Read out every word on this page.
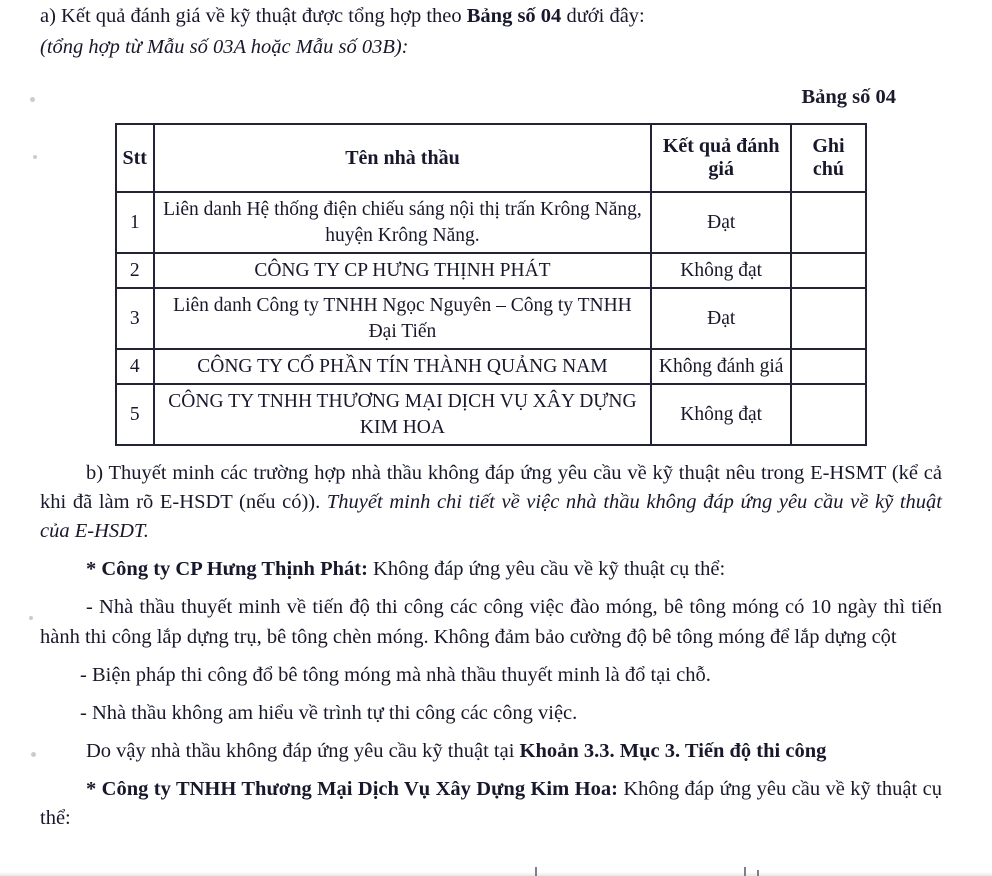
a) Kết quả đánh giá về kỹ thuật được tổng hợp theo Bảng số 04 dưới đây:

(tổng hợp từ Mẫu số 03A hoặc Mẫu số 03B):

Bảng số 04
Stt	Tên nhà thầu	Kết quả đánh giá	Ghi chú
1	Liên danh Hệ thống điện chiếu sáng nội thị trấn Krông Năng, huyện Krông Năng.	Đạt	
2	CÔNG TY CP HƯNG THỊNH PHÁT	Không đạt	
3	Liên danh Công ty TNHH Ngọc Nguyên – Công ty TNHH Đại Tiến	Đạt	
4	CÔNG TY CỔ PHẦN TÍN THÀNH QUẢNG NAM	Không đánh giá	
5	CÔNG TY TNHH THƯƠNG MẠI DỊCH VỤ XÂY DỰNG KIM HOA	Không đạt	

b) Thuyết minh các trường hợp nhà thầu không đáp ứng yêu cầu về kỹ thuật nêu trong E-HSMT (kể cả khi đã làm rõ E-HSDT (nếu có)). Thuyết minh chi tiết về việc nhà thầu không đáp ứng yêu cầu về kỹ thuật của E-HSDT.

* Công ty CP Hưng Thịnh Phát: Không đáp ứng yêu cầu về kỹ thuật cụ thể:

- Nhà thầu thuyết minh về tiến độ thi công các công việc đào móng, bê tông móng có 10 ngày thì tiến hành thi công lắp dựng trụ, bê tông chèn móng. Không đảm bảo cường độ bê tông móng để lắp dựng cột

- Biện pháp thi công đổ bê tông móng mà nhà thầu thuyết minh là đổ tại chỗ.

- Nhà thầu không am hiểu về trình tự thi công các công việc.

Do vậy nhà thầu không đáp ứng yêu cầu kỹ thuật tại Khoản 3.3. Mục 3. Tiến độ thi công

* Công ty TNHH Thương Mại Dịch Vụ Xây Dựng Kim Hoa: Không đáp ứng yêu cầu về kỹ thuật cụ thể:
